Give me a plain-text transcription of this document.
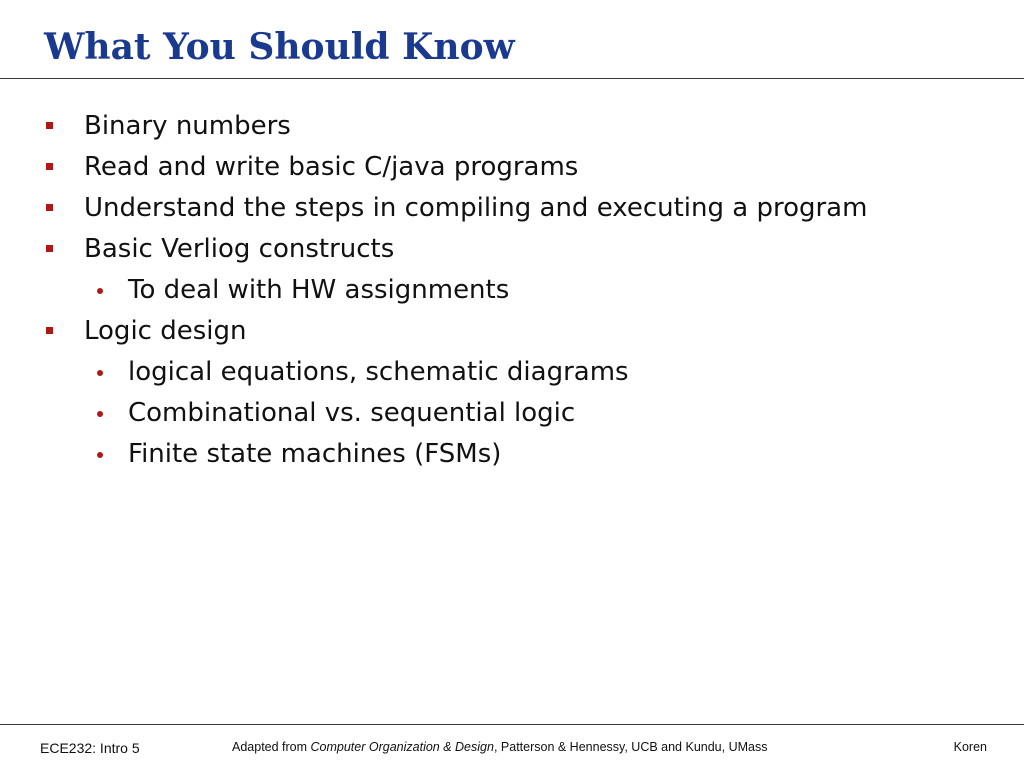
What You Should Know
Binary numbers
Read and write basic C/java programs
Understand the steps in compiling and executing a program
Basic Verliog constructs
To deal with HW assignments
Logic design
logical equations, schematic diagrams
Combinational vs. sequential logic
Finite state machines (FSMs)
ECE232: Intro 5	Adapted from Computer Organization & Design, Patterson & Hennessy, UCB and Kundu, UMass	Koren
